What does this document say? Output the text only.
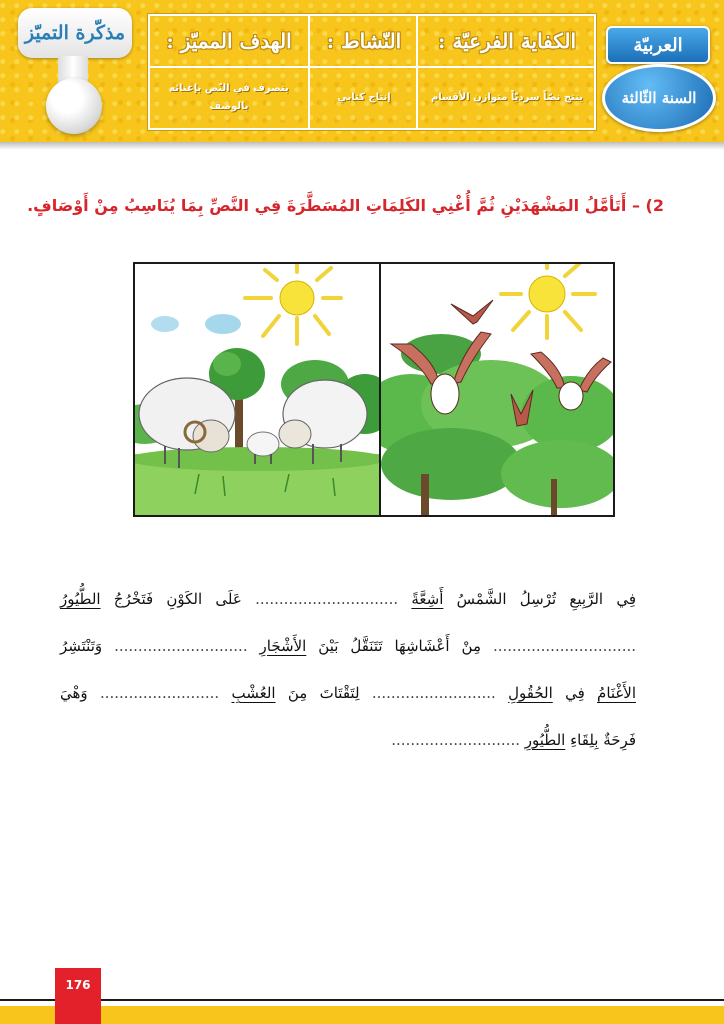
مذكّرة التميّز	الهدف المميّز :
يتصرف في النّص بإغنائه بالوصف
النّشاط :
إنتاج كتابي
الكفاية الفرعيّة :
ينتج نصّاً سرديّاً متوازن الأقسام
العربيّة
السنة الثّالثة
2) – أَتَأمَّلُ المَشْهَدَيْنِ ثُمَّ أُغْنِي الكَلِمَاتِ المُسَطَّرَةَ فِي النَّصِّ بِمَا يُنَاسِبُ مِنْ أَوْصَافٍ.
فِي الرَّبِيعِ تُرْسِلُ الشَّمْسُ أَشِعَّةً .............................. عَلَى الكَوْنِ فَتَخْرُجُ الطُّيُورُ
.............................. مِنْ أَعْشَاشِهَا تَتَنَقَّلُ بَيْنَ الأَشْجَارِ ............................ وَتَنْتَشِرُ
الأَغْنَامُ فِي الحُقُولِ .......................... لِتَقْتَاتَ مِنَ العُشْبِ ......................... وَهْيَ
فَرِحَةٌ بِلِقَاءِ الطُّيُورِ ...........................
176
